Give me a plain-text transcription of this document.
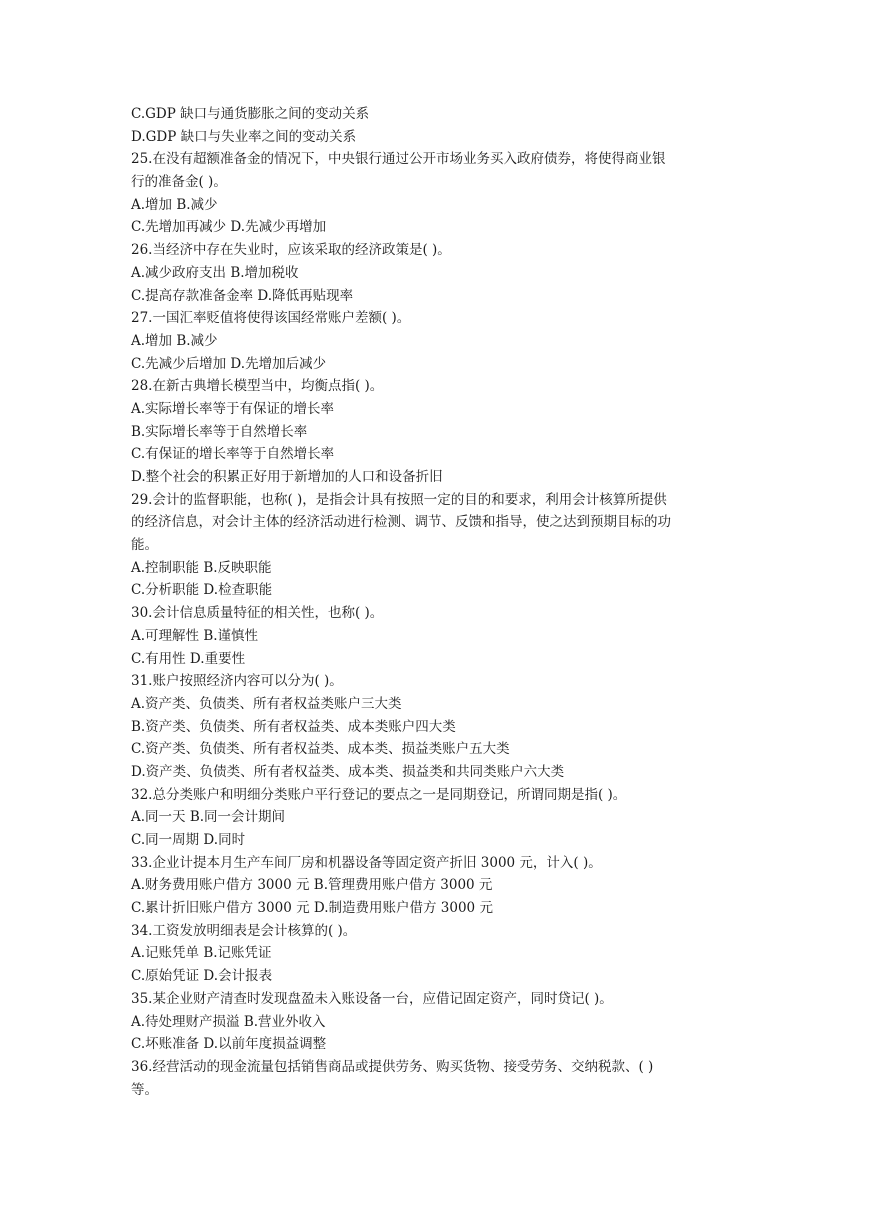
C.GDP 缺口与通货膨胀之间的变动关系
D.GDP 缺口与失业率之间的变动关系
25.在没有超额准备金的情况下，中央银行通过公开市场业务买入政府债券，将使得商业银
行的准备金( )。
A.增加 B.减少
C.先增加再减少 D.先减少再增加
26.当经济中存在失业时，应该采取的经济政策是( )。
A.减少政府支出 B.增加税收
C.提高存款准备金率 D.降低再贴现率
27.一国汇率贬值将使得该国经常账户差额( )。
A.增加 B.减少
C.先减少后增加 D.先增加后减少
28.在新古典增长模型当中，均衡点指( )。
A.实际增长率等于有保证的增长率
B.实际增长率等于自然增长率
C.有保证的增长率等于自然增长率
D.整个社会的积累正好用于新增加的人口和设备折旧
29.会计的监督职能，也称( )，是指会计具有按照一定的目的和要求，利用会计核算所提供
的经济信息，对会计主体的经济活动进行检测、调节、反馈和指导，使之达到预期目标的功
能。
A.控制职能 B.反映职能
C.分析职能 D.检查职能
30.会计信息质量特征的相关性，也称( )。
A.可理解性 B.谨慎性
C.有用性 D.重要性
31.账户按照经济内容可以分为( )。
A.资产类、负债类、所有者权益类账户三大类
B.资产类、负债类、所有者权益类、成本类账户四大类
C.资产类、负债类、所有者权益类、成本类、损益类账户五大类
D.资产类、负债类、所有者权益类、成本类、损益类和共同类账户六大类
32.总分类账户和明细分类账户平行登记的要点之一是同期登记，所谓同期是指( )。
A.同一天 B.同一会计期间
C.同一周期 D.同时
33.企业计提本月生产车间厂房和机器设备等固定资产折旧 3000 元，计入( )。
A.财务费用账户借方 3000 元 B.管理费用账户借方 3000 元
C.累计折旧账户借方 3000 元 D.制造费用账户借方 3000 元
34.工资发放明细表是会计核算的( )。
A.记账凭单 B.记账凭证
C.原始凭证 D.会计报表
35.某企业财产清查时发现盘盈未入账设备一台，应借记固定资产，同时贷记( )。
A.待处理财产损溢 B.营业外收入
C.坏账准备 D.以前年度损益调整
36.经营活动的现金流量包括销售商品或提供劳务、购买货物、接受劳务、交纳税款、( )
等。
